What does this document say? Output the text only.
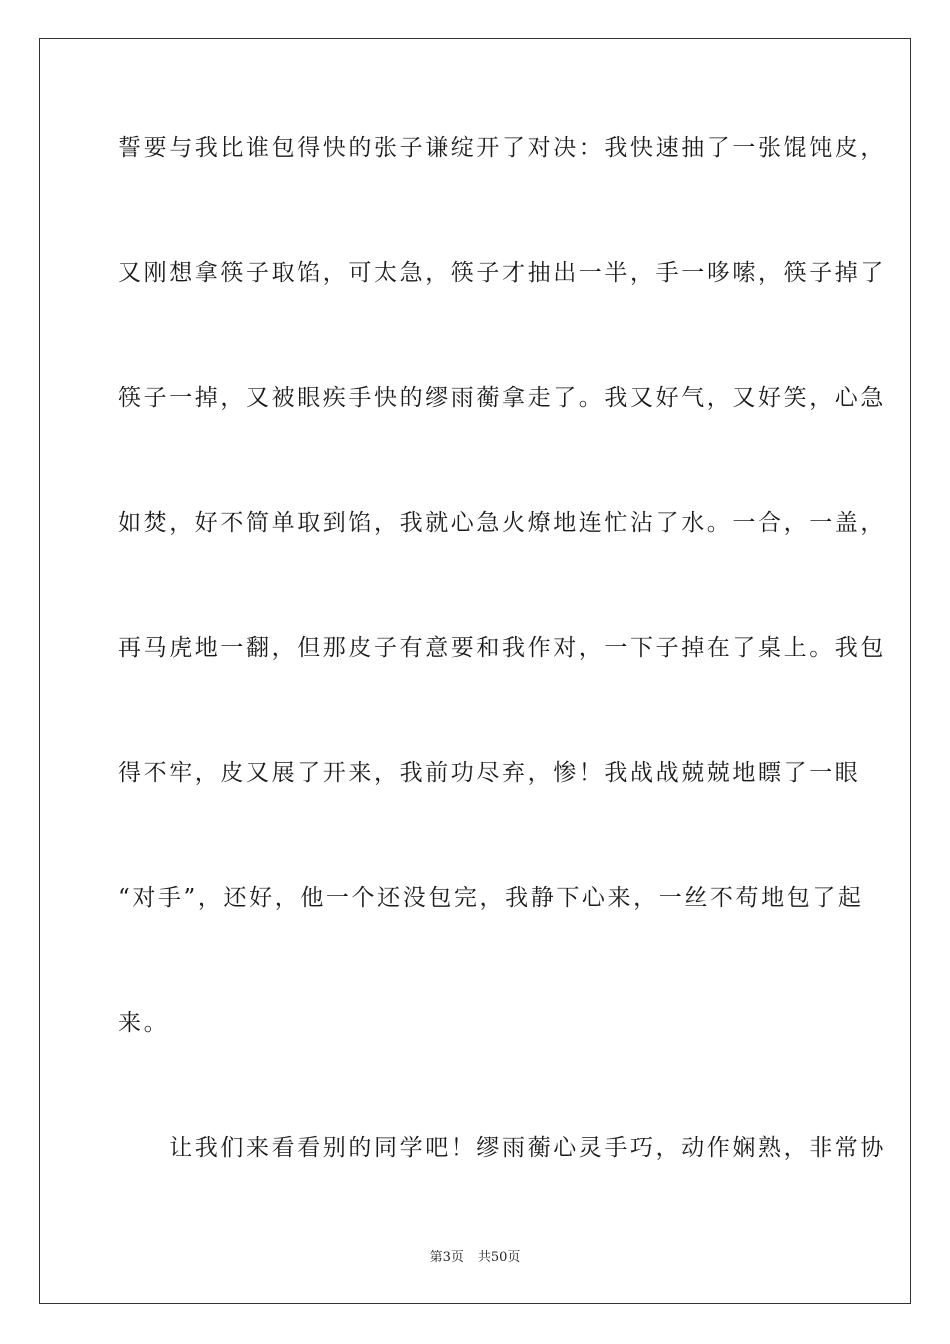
誓要与我比谁包得快的张子谦绽开了对决：我快速抽了一张馄饨皮，
又刚想拿筷子取馅，可太急，筷子才抽出一半，手一哆嗦，筷子掉了
筷子一掉，又被眼疾手快的缪雨蘅拿走了。我又好气，又好笑，心急
如焚，好不简单取到馅，我就心急火燎地连忙沾了水。一合，一盖，
再马虎地一翻，但那皮子有意要和我作对，一下子掉在了桌上。我包
得不牢，皮又展了开来，我前功尽弃，惨！我战战兢兢地瞟了一眼
“对手”，还好，他一个还没包完，我静下心来，一丝不苟地包了起
来。
　　让我们来看看别的同学吧！缪雨蘅心灵手巧，动作娴熟，非常协
第3页 共50页
